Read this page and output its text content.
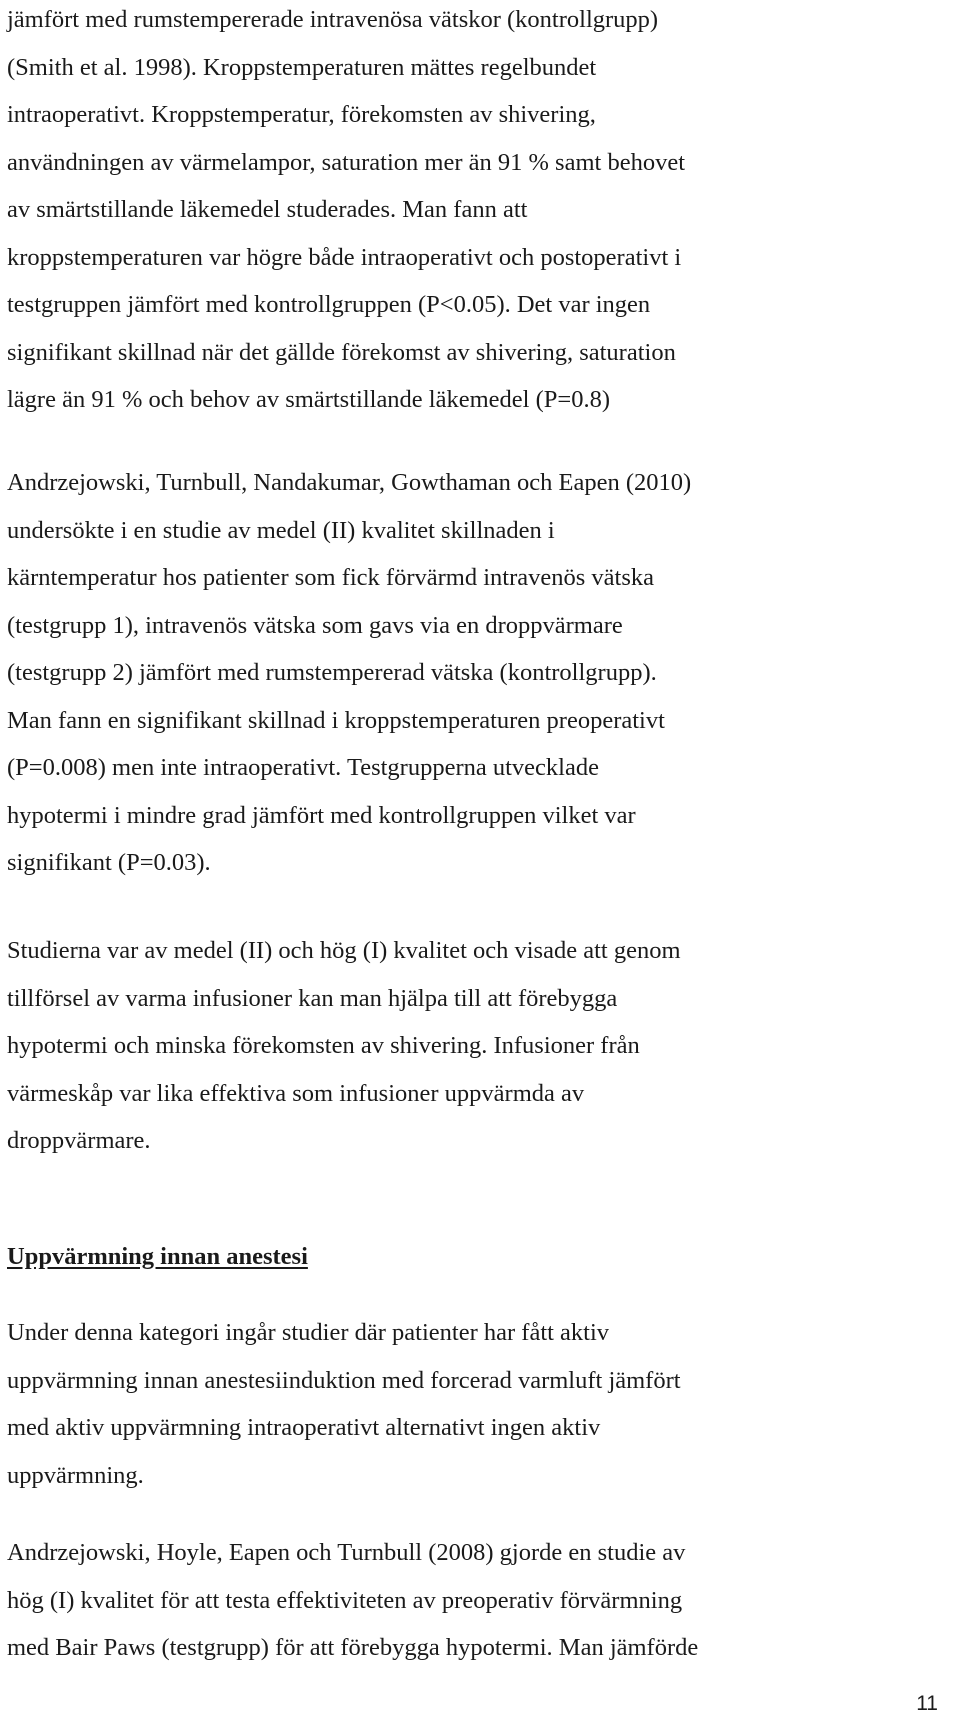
jämfört med rumstempererade intravenösa vätskor (kontrollgrupp)
(Smith et al. 1998). Kroppstemperaturen mättes regelbundet
intraoperativt. Kroppstemperatur, förekomsten av shivering,
användningen av värmelampor, saturation mer än 91 % samt behovet
av smärtstillande läkemedel studerades. Man fann att
kroppstemperaturen var högre både intraoperativt och postoperativt i
testgruppen jämfört med kontrollgruppen (P<0.05). Det var ingen
signifikant skillnad när det gällde förekomst av shivering, saturation
lägre än 91 % och behov av smärtstillande läkemedel (P=0.8)
Andrzejowski, Turnbull, Nandakumar, Gowthaman och Eapen (2010)
undersökte i en studie av medel (II) kvalitet skillnaden i
kärntemperatur hos patienter som fick förvärmd intravenös vätska
(testgrupp 1), intravenös vätska som gavs via en droppvärmare
(testgrupp 2) jämfört med rumstempererad vätska (kontrollgrupp).
Man fann en signifikant skillnad i kroppstemperaturen preoperativt
(P=0.008) men inte intraoperativt. Testgrupperna utvecklade
hypotermi i mindre grad jämfört med kontrollgruppen vilket var
signifikant (P=0.03).
Studierna var av medel (II) och hög (I) kvalitet och visade att genom
tillförsel av varma infusioner kan man hjälpa till att förebygga
hypotermi och minska förekomsten av shivering. Infusioner från
värmeskåp var lika effektiva som infusioner uppvärmda av
droppvärmare.
Uppvärmning innan anestesi
Under denna kategori ingår studier där patienter har fått aktiv
uppvärmning innan anestesiinduktion med forcerad varmluft jämfört
med aktiv uppvärmning intraoperativt alternativt ingen aktiv
uppvärmning.
Andrzejowski, Hoyle, Eapen och Turnbull (2008) gjorde en studie av
hög (I) kvalitet för att testa effektiviteten av preoperativ förvärmning
med Bair Paws (testgrupp) för att förebygga hypotermi. Man jämförde
11
